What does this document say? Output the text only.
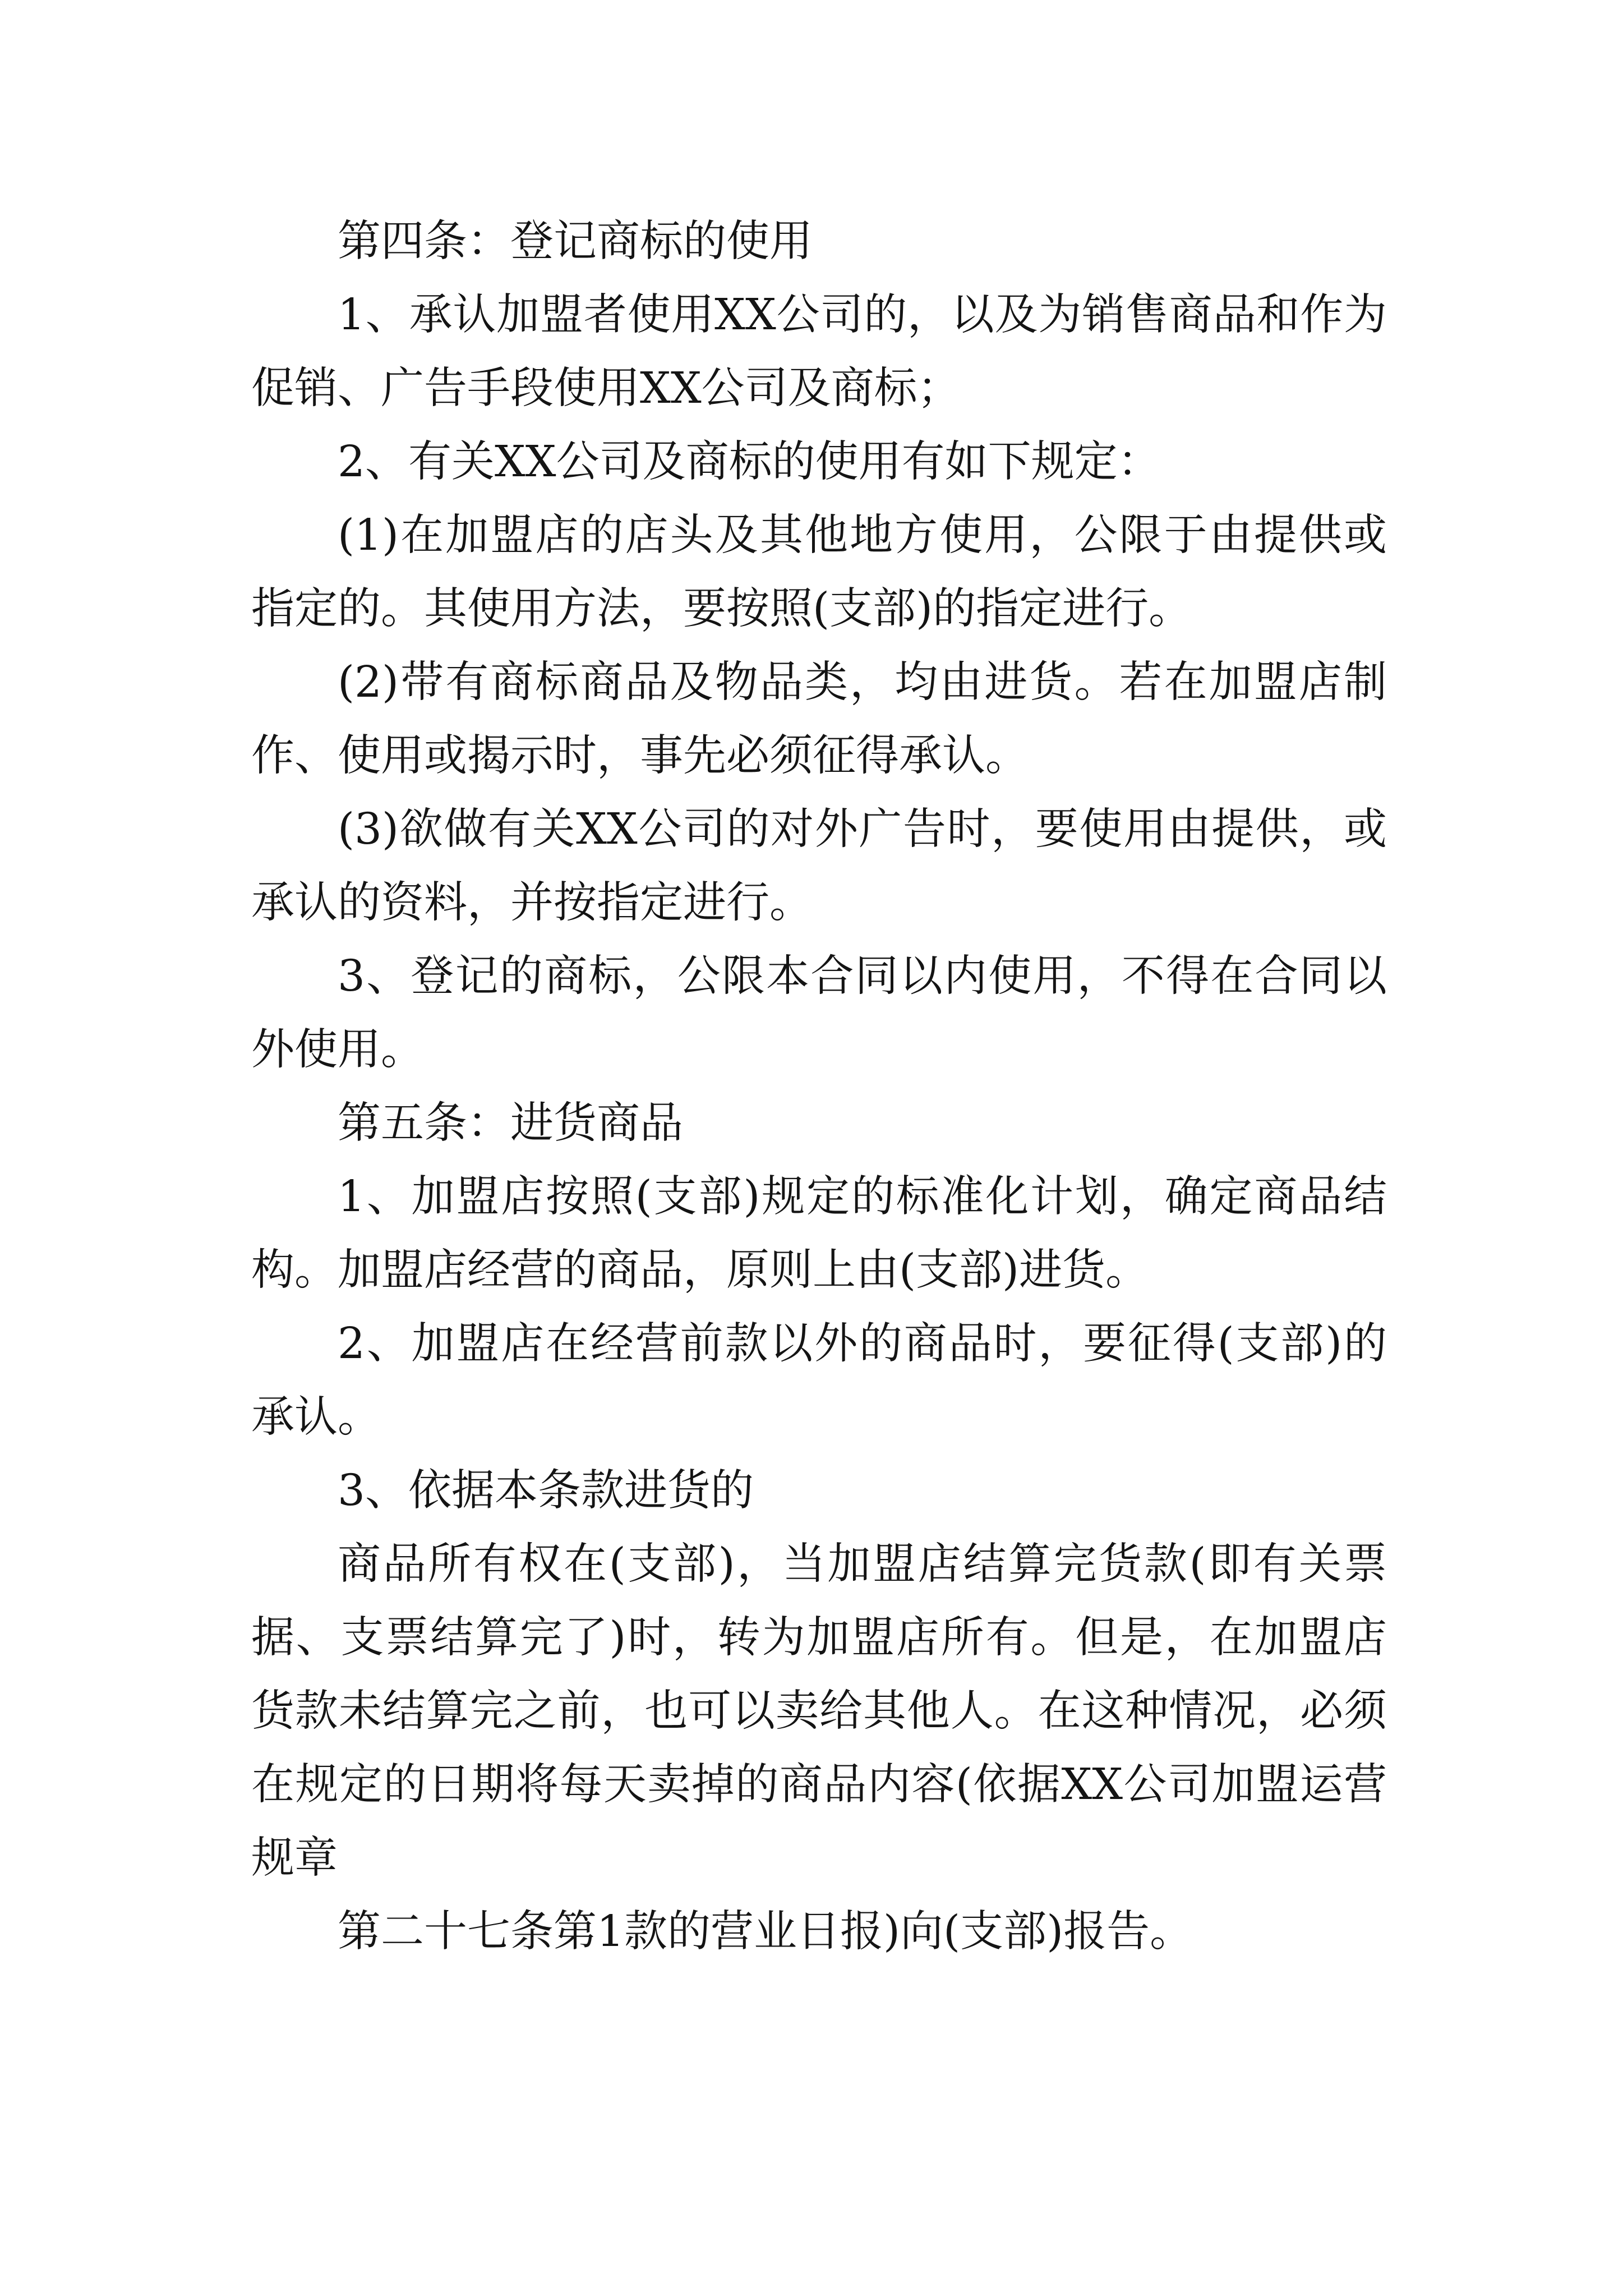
第四条：登记商标的使用

1、承认加盟者使用XX公司的，以及为销售商品和作为促销、广告手段使用XX公司及商标；

2、有关XX公司及商标的使用有如下规定：

(1)在加盟店的店头及其他地方使用，公限于由提供或指定的。其使用方法，要按照(支部)的指定进行。

(2)带有商标商品及物品类，均由进货。若在加盟店制作、使用或揭示时，事先必须征得承认。

(3)欲做有关XX公司的对外广告时，要使用由提供，或承认的资料，并按指定进行。

3、登记的商标，公限本合同以内使用，不得在合同以外使用。

第五条：进货商品

1、加盟店按照(支部)规定的标准化计划，确定商品结构。加盟店经营的商品，原则上由(支部)进货。

2、加盟店在经营前款以外的商品时，要征得(支部)的承认。

3、依据本条款进货的

商品所有权在(支部)，当加盟店结算完货款(即有关票据、支票结算完了)时，转为加盟店所有。但是，在加盟店货款未结算完之前，也可以卖给其他人。在这种情况，必须在规定的日期将每天卖掉的商品内容(依据XX公司加盟运营规章

第二十七条第1款的营业日报)向(支部)报告。
